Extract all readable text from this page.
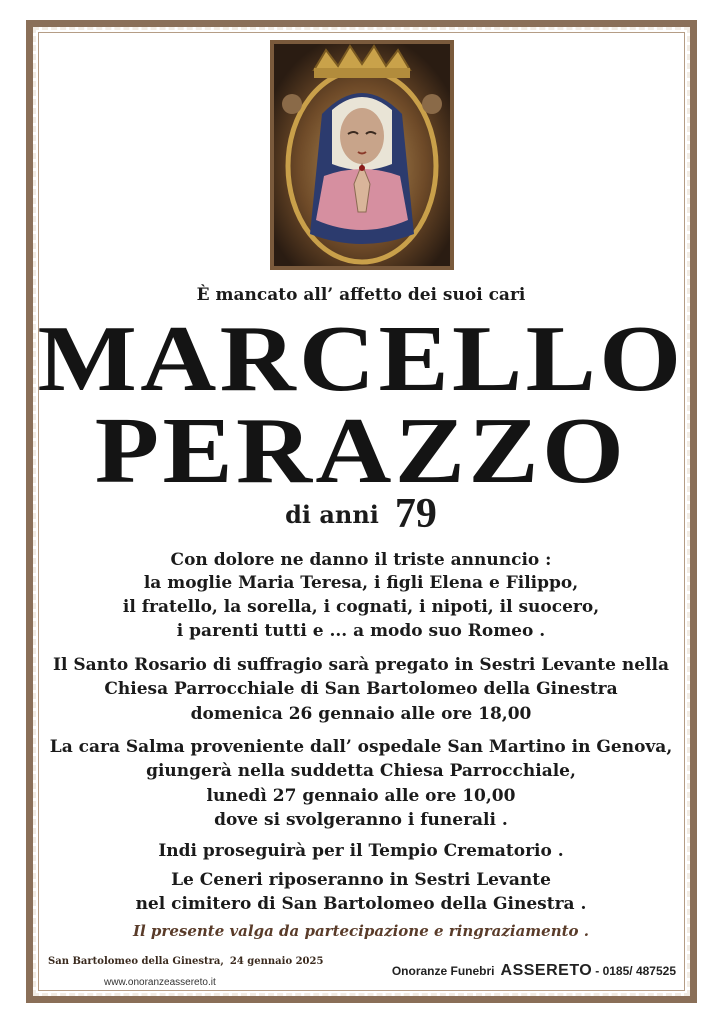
È mancato all’ affetto dei suoi cari
MARCELLO
PERAZZO
di anni 79
Con dolore ne danno il triste annuncio :
la moglie Maria Teresa, i figli Elena e Filippo,
il fratello, la sorella, i cognati, i nipoti, il suocero,
i parenti tutti e ... a modo suo Romeo .
Il Santo Rosario di suffragio sarà pregato in Sestri Levante nella
Chiesa Parrocchiale di San Bartolomeo della Ginestra
domenica 26 gennaio alle ore 18,00
La cara Salma proveniente dall’ ospedale San Martino in Genova,
giungerà nella suddetta Chiesa Parrocchiale,
lunedì 27 gennaio alle ore 10,00
dove si svolgeranno i funerali .
Indi proseguirà per il Tempio Crematorio .
Le Ceneri riposeranno in Sestri Levante
nel cimitero di San Bartolomeo della Ginestra .
Il presente valga da partecipazione e ringraziamento .
San Bartolomeo della Ginestra, 24 gennaio 2025
www.onoranzeassereto.it
Onoranze Funebri ASSERETO - 0185/ 487525
